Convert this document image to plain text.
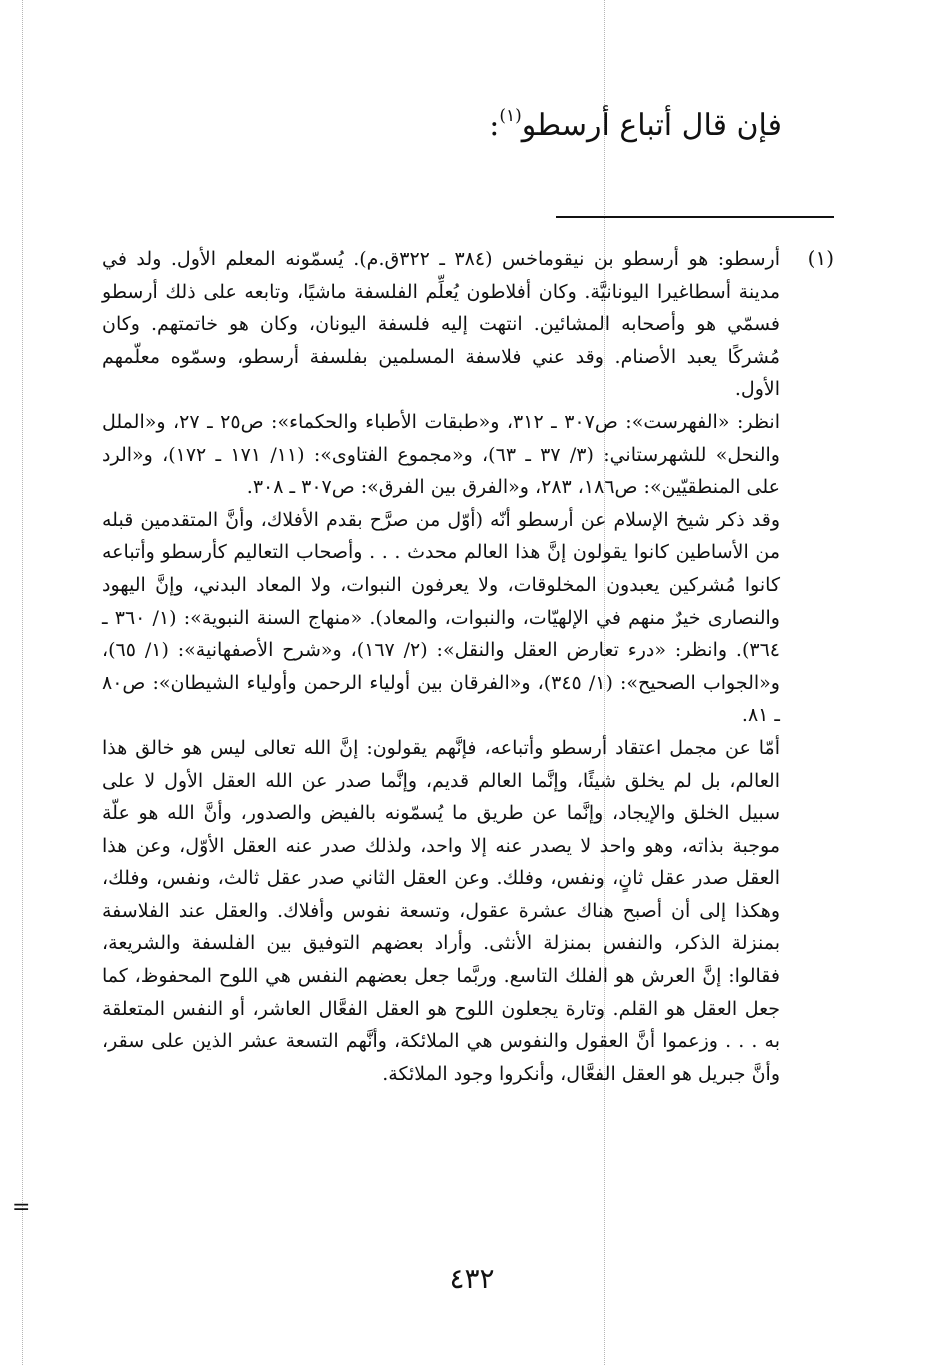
فإن قال أتباع أرسطو$^{(١)}$:
(١)

أرسطو: هو أرسطو بن نيقوماخس (٣٨٤ ـ ٣٢٢ق.م). يُسمّونه المعلم الأول. ولد في مدينة أسطاغيرا اليونانيَّة. وكان أفلاطون يُعلِّم الفلسفة ماشيًا، وتابعه على ذلك أرسطو فسمّي هو وأصحابه المشائين. انتهت إليه فلسفة اليونان، وكان هو خاتمتهم. وكان مُشركًا يعبد الأصنام. وقد عني فلاسفة المسلمين بفلسفة أرسطو، وسمّوه معلّمهم الأول.

انظر: «الفهرست»: ص٣٠٧ ـ ٣١٢، و«طبقات الأطباء والحكماء»: ص٢٥ ـ ٢٧، و«الملل والنحل» للشهرستاني: (٣/ ٣٧ ـ ٦٣)، و«مجموع الفتاوى»: (١١/ ١٧١ ـ ١٧٢)، و«الرد على المنطقيّين»: ص١٨٦، ٢٨٣، و«الفرق بين الفرق»: ص٣٠٧ ـ ٣٠٨.

وقد ذكر شيخ الإسلام عن أرسطو أنّه (أوّل من صرَّح بقدم الأفلاك، وأنَّ المتقدمين قبله من الأساطين كانوا يقولون إنَّ هذا العالم محدث . . . وأصحاب التعاليم كأرسطو وأتباعه كانوا مُشركين يعبدون المخلوقات، ولا يعرفون النبوات، ولا المعاد البدني، وإنَّ اليهود والنصارى خيرٌ منهم في الإلهيّات، والنبوات، والمعاد). «منهاج السنة النبوية»: (١/ ٣٦٠ ـ ٣٦٤). وانظر: «درء تعارض العقل والنقل»: (٢/ ١٦٧)، و«شرح الأصفهانية»: (١/ ٦٥)، و«الجواب الصحيح»: (١/ ٣٤٥)، و«الفرقان بين أولياء الرحمن وأولياء الشيطان»: ص٨٠ ـ ٨١.

أمّا عن مجمل اعتقاد أرسطو وأتباعه، فإنَّهم يقولون: إنَّ الله تعالى ليس هو خالق هذا العالم، بل لم يخلق شيئًا، وإنَّما العالم قديم، وإنَّما صدر عن الله العقل الأول لا على سبيل الخلق والإيجاد، وإنَّما عن طريق ما يُسمّونه بالفيض والصدور، وأنَّ الله هو علّة موجبة بذاته، وهو واحد لا يصدر عنه إلا واحد، ولذلك صدر عنه العقل الأوّل، وعن هذا العقل صدر عقل ثانٍ، ونفس، وفلك. وعن العقل الثاني صدر عقل ثالث، ونفس، وفلك، وهكذا إلى أن أصبح هناك عشرة عقول، وتسعة نفوس وأفلاك. والعقل عند الفلاسفة بمنزلة الذكر، والنفس بمنزلة الأنثى. وأراد بعضهم التوفيق بين الفلسفة والشريعة، فقالوا: إنَّ العرش هو الفلك التاسع. وربَّما جعل بعضهم النفس هي اللوح المحفوظ، كما جعل العقل هو القلم. وتارة يجعلون اللوح هو العقل الفعَّال العاشر، أو النفس المتعلقة به . . . وزعموا أنَّ العقول والنفوس هي الملائكة، وأنَّهم التسعة عشر الذين على سقر، وأنَّ جبريل هو العقل الفعَّال، وأنكروا وجود الملائكة.

=
٤٣٢
